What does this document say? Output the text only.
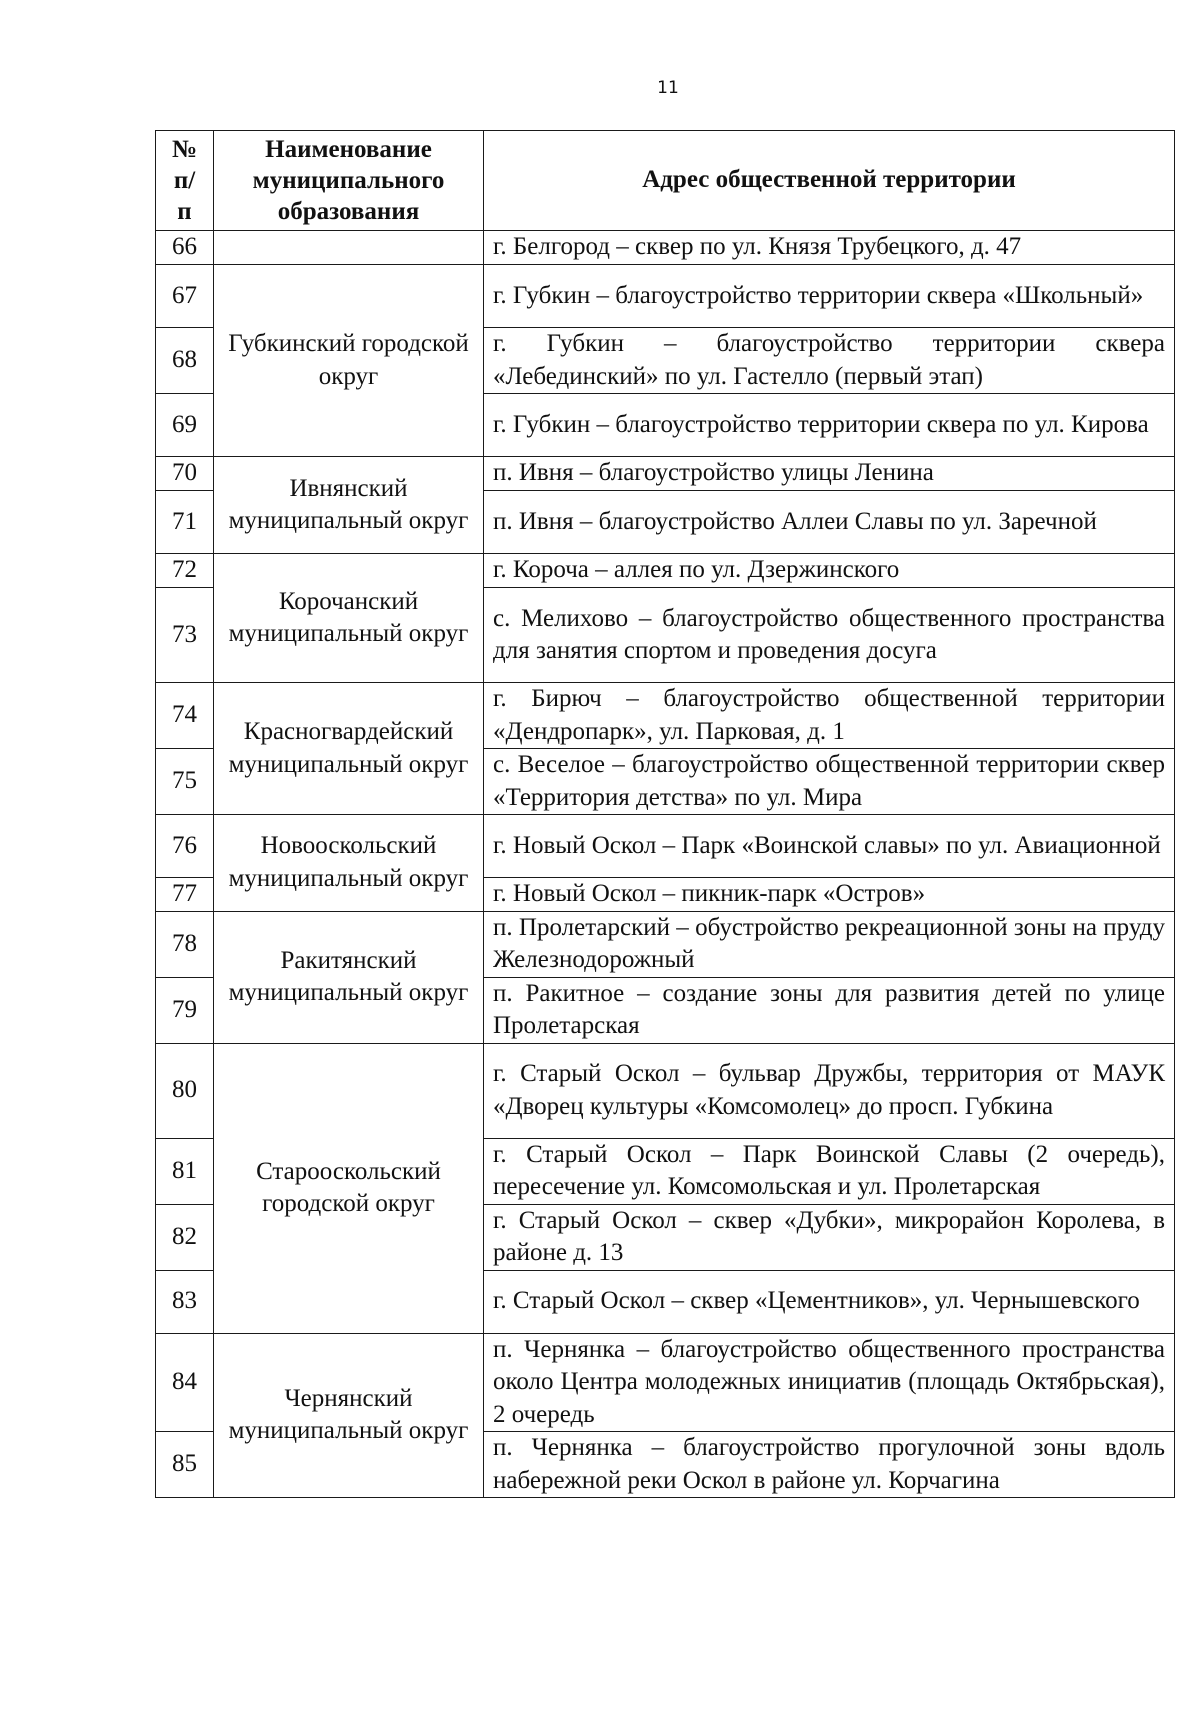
11
№ п/ п	Наименование муниципального образования	Адрес общественной территории
66		г. Белгород – сквер по ул. Князя Трубецкого, д. 47
67	Губкинский городской округ	г. Губкин – благоустройство территории сквера «Школьный»
68		г. Губкин – благоустройство территории сквера «Лебединский» по ул. Гастелло (первый этап)
69		г. Губкин – благоустройство территории сквера по ул. Кирова
70	Ивнянский муниципальный округ	п. Ивня – благоустройство улицы Ленина
71		п. Ивня – благоустройство Аллеи Славы по ул. Заречной
72	Корочанский муниципальный округ	г. Короча – аллея по ул. Дзержинского
73		с. Мелихово – благоустройство общественного пространства для занятия спортом и проведения досуга
74	Красногвардейский муниципальный округ	г. Бирюч – благоустройство общественной территории «Дендропарк», ул. Парковая, д. 1
75		с. Веселое – благоустройство общественной территории сквер «Территория детства» по ул. Мира
76	Новооскольский муниципальный округ	г. Новый Оскол – Парк «Воинской славы» по ул. Авиационной
77		г. Новый Оскол – пикник-парк «Остров»
78	Ракитянский муниципальный округ	п. Пролетарский – обустройство рекреационной зоны на пруду Железнодорожный
79		п. Ракитное – создание зоны для развития детей по улице Пролетарская
80	Старооскольский городской округ	г. Старый Оскол – бульвар Дружбы, территория от МАУК «Дворец культуры «Комсомолец» до просп. Губкина
81		г. Старый Оскол – Парк Воинской Славы (2 очередь), пересечение ул. Комсомольская и ул. Пролетарская
82		г. Старый Оскол – сквер «Дубки», микрорайон Королева, в районе д. 13
83		г. Старый Оскол – сквер «Цементников», ул. Чернышевского
84	Чернянский муниципальный округ	п. Чернянка – благоустройство общественного пространства около Центра молодежных инициатив (площадь Октябрьская), 2 очередь
85		п. Чернянка – благоустройство прогулочной зоны вдоль набережной реки Оскол в районе ул. Корчагина
